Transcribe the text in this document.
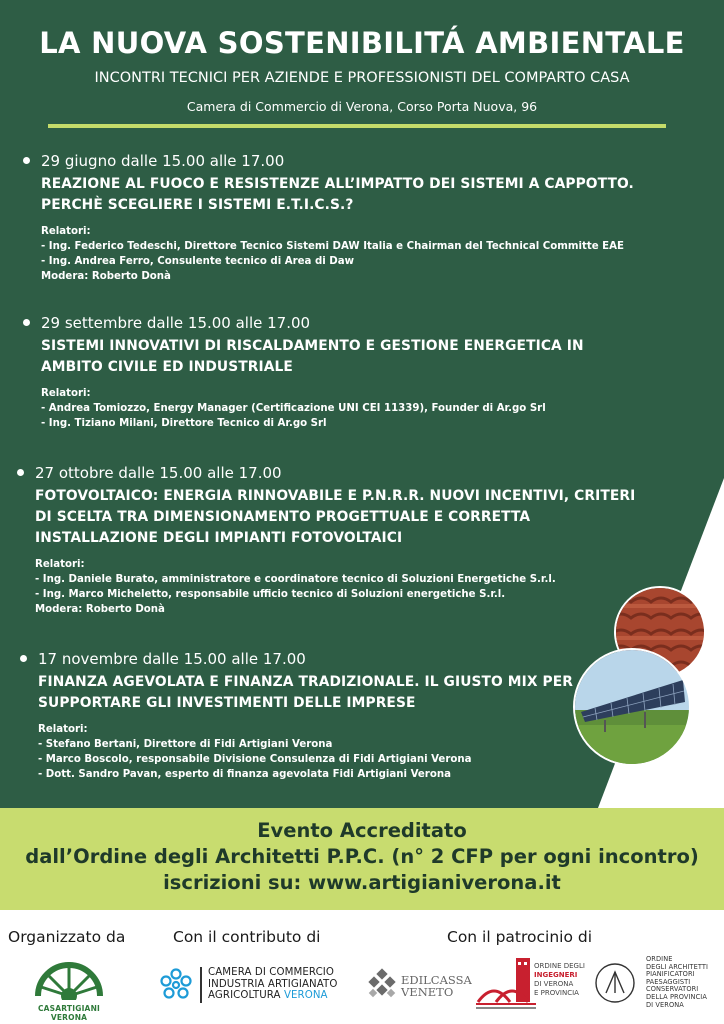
LA NUOVA SOSTENIBILITÁ AMBIENTALE
INCONTRI TECNICI PER AZIENDE E PROFESSIONISTI DEL COMPARTO CASA
Camera di Commercio di Verona, Corso Porta Nuova, 96
29 giugno dalle 15.00 alle 17.00
REAZIONE AL FUOCO E RESISTENZE ALL’IMPATTO DEI SISTEMI A CAPPOTTO.
PERCHÈ SCEGLIERE I SISTEMI E.T.I.C.S.?
Relatori:
- Ing. Federico Tedeschi, Direttore Tecnico Sistemi DAW Italia e Chairman del Technical Committe EAE
- Ing. Andrea Ferro, Consulente tecnico di Area di Daw
Modera: Roberto Donà
29 settembre dalle 15.00 alle 17.00
SISTEMI INNOVATIVI DI RISCALDAMENTO E GESTIONE ENERGETICA IN
AMBITO CIVILE ED INDUSTRIALE
Relatori:
- Andrea Tomiozzo, Energy Manager (Certificazione UNI CEI 11339), Founder di Ar.go Srl
- Ing. Tiziano Milani, Direttore Tecnico di Ar.go Srl
27 ottobre dalle 15.00 alle 17.00
FOTOVOLTAICO: ENERGIA RINNOVABILE E P.N.R.R. NUOVI INCENTIVI, CRITERI
DI SCELTA TRA DIMENSIONAMENTO PROGETTUALE E CORRETTA
INSTALLAZIONE DEGLI IMPIANTI FOTOVOLTAICI
Relatori:
- Ing. Daniele Burato, amministratore e coordinatore tecnico di Soluzioni Energetiche S.r.l.
- Ing. Marco Micheletto, responsabile ufficio tecnico di Soluzioni energetiche S.r.l.
Modera: Roberto Donà
17 novembre dalle 15.00 alle 17.00
FINANZA AGEVOLATA E FINANZA TRADIZIONALE. IL GIUSTO MIX PER
SUPPORTARE GLI INVESTIMENTI DELLE IMPRESE
Relatori:
- Stefano Bertani, Direttore di Fidi Artigiani Verona
- Marco Boscolo, responsabile Divisione Consulenza di Fidi Artigiani Verona
- Dott. Sandro Pavan, esperto di finanza agevolata Fidi Artigiani Verona
Evento Accreditato
dall’Ordine degli Architetti P.P.C. (n° 2 CFP per ogni incontro)
iscrizioni su: www.artigianiverona.it
Organizzato da	Con il contributo di	Con il patrocinio di
CASARTIGIANI VERONA
CAMERA DI COMMERCIO
INDUSTRIA ARTIGIANATO
AGRICOLTURA VERONA
EDILCASSA
VENETO
ORDINE DEGLI
INGEGNERI
DI VERONA
E PROVINCIA
ORDINE
DEGLI ARCHITETTI
PIANIFICATORI
PAESAGGISTI
CONSERVATORI
DELLA PROVINCIA
DI VERONA
